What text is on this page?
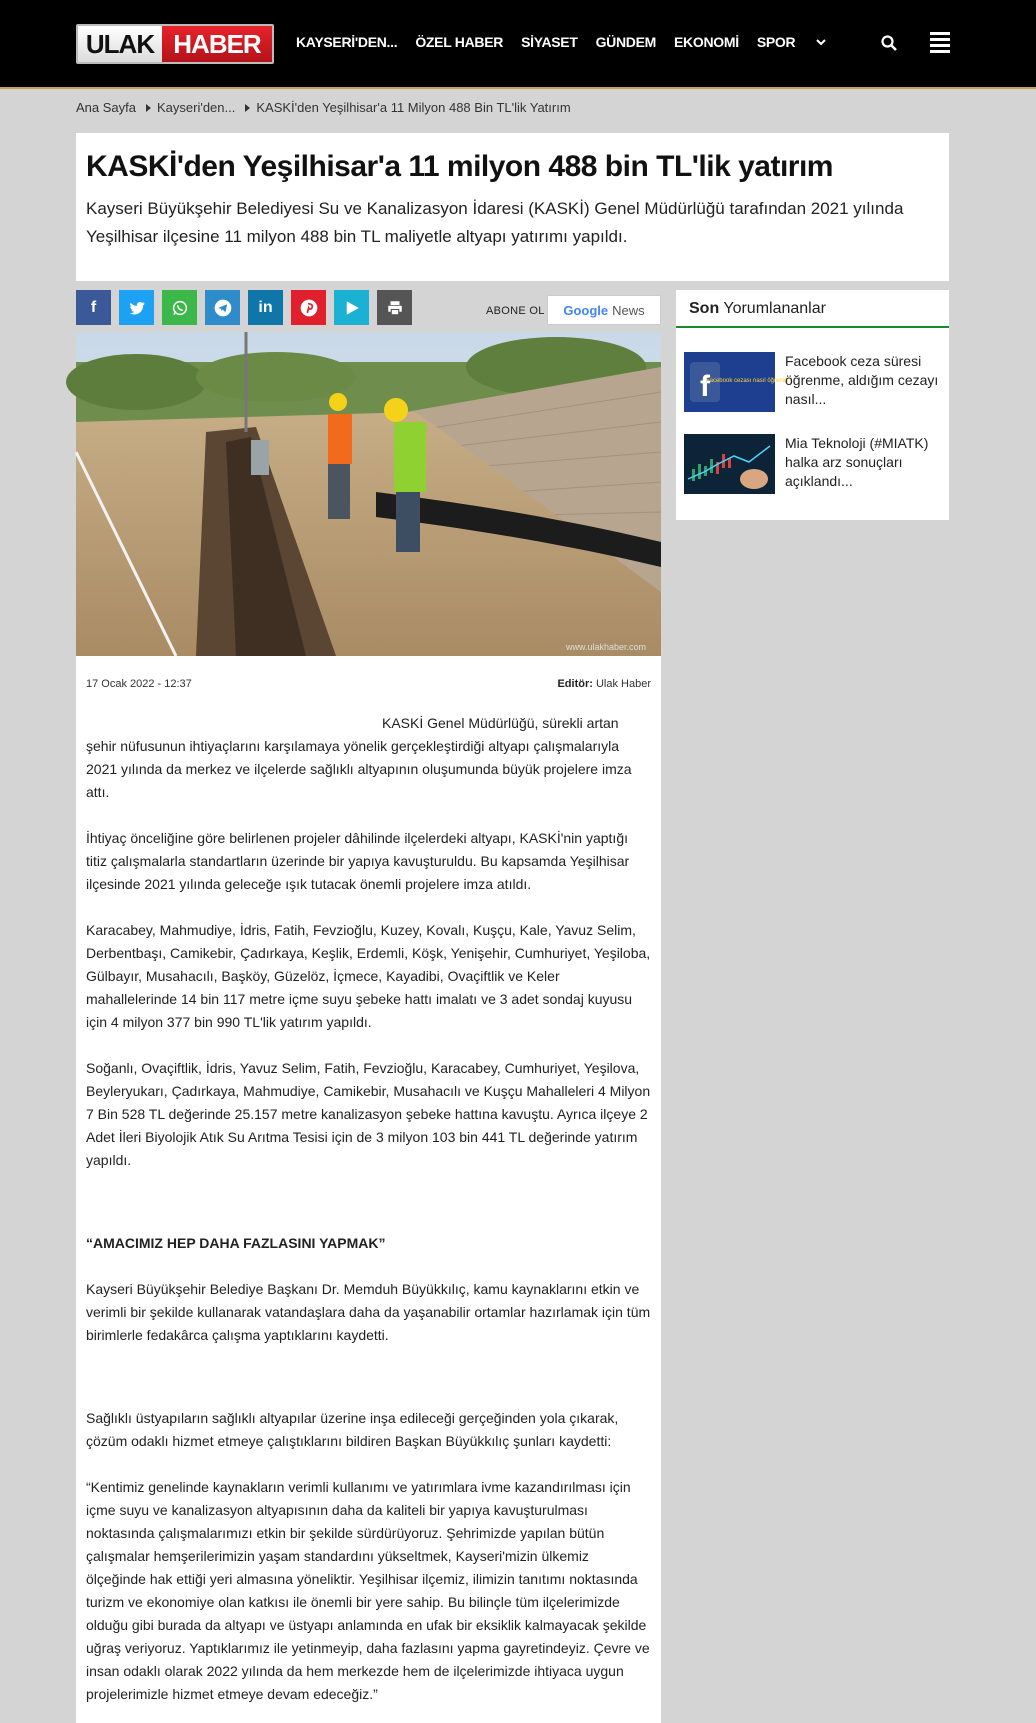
ULAK HABER	KAYSERİ'DEN... ÖZEL HABER SİYASET GÜNDEM EKONOMİ SPOR
Ana Sayfa Kayseri'den... KASKİ'den Yeşilhisar'a 11 Milyon 488 Bin TL'lik Yatırım
KASKİ'den Yeşilhisar'a 11 milyon 488 bin TL'lik yatırım

Kayseri Büyükşehir Belediyesi Su ve Kanalizasyon İdaresi (KASKİ) Genel Müdürlüğü tarafından 2021 yılında Yeşilhisar ilçesine 11 milyon 488 bin TL maliyetle altyapı yatırımı yapıldı.

f	in	ABONE OL Google News
www.ulakhaber.com
17 Ocak 2022 - 12:37	Editör: Ulak Haber

KASKİ Genel Müdürlüğü, sürekli artan şehir nüfusunun ihtiyaçlarını karşılamaya yönelik gerçekleştirdiği altyapı çalışmalarıyla 2021 yılında da merkez ve ilçelerde sağlıklı altyapının oluşumunda büyük projelere imza attı.

İhtiyaç önceliğine göre belirlenen projeler dâhilinde ilçelerdeki altyapı, KASKİ'nin yaptığı titiz çalışmalarla standartların üzerinde bir yapıya kavuşturuldu. Bu kapsamda Yeşilhisar ilçesinde 2021 yılında geleceğe ışık tutacak önemli projelere imza atıldı.

Karacabey, Mahmudiye, İdris, Fatih, Fevzioğlu, Kuzey, Kovalı, Kuşçu, Kale, Yavuz Selim, Derbentbaşı, Camikebir, Çadırkaya, Keşlik, Erdemli, Köşk, Yenişehir, Cumhuriyet, Yeşiloba, Gülbayır, Musahacılı, Başköy, Güzelöz, İçmece, Kayadibi, Ovaçiftlik ve Keler mahallelerinde 14 bin 117 metre içme suyu şebeke hattı imalatı ve 3 adet sondaj kuyusu için 4 milyon 377 bin 990 TL'lik yatırım yapıldı.

Soğanlı, Ovaçiftlik, İdris, Yavuz Selim, Fatih, Fevzioğlu, Karacabey, Cumhuriyet, Yeşilova, Beyleryukarı, Çadırkaya, Mahmudiye, Camikebir, Musahacılı ve Kuşçu Mahalleleri 4 Milyon 7 Bin 528 TL değerinde 25.157 metre kanalizasyon şebeke hattına kavuştu. Ayrıca ilçeye 2 Adet İleri Biyolojik Atık Su Arıtma Tesisi için de 3 milyon 103 bin 441 TL değerinde yatırım yapıldı.

“AMACIMIZ HEP DAHA FAZLASINI YAPMAK”

Kayseri Büyükşehir Belediye Başkanı Dr. Memduh Büyükkılıç, kamu kaynaklarını etkin ve verimli bir şekilde kullanarak vatandaşlara daha da yaşanabilir ortamlar hazırlamak için tüm birimlerle fedakârca çalışma yaptıklarını kaydetti.

Sağlıklı üstyapıların sağlıklı altyapılar üzerine inşa edileceği gerçeğinden yola çıkarak, çözüm odaklı hizmet etmeye çalıştıklarını bildiren Başkan Büyükkılıç şunları kaydetti:

“Kentimiz genelinde kaynakların verimli kullanımı ve yatırımlara ivme kazandırılması için içme suyu ve kanalizasyon altyapısının daha da kaliteli bir yapıya kavuşturulması noktasında çalışmalarımızı etkin bir şekilde sürdürüyoruz. Şehrimizde yapılan bütün çalışmalar hemşerilerimizin yaşam standardını yükseltmek, Kayseri'mizin ülkemiz ölçeğinde hak ettiği yeri almasına yöneliktir. Yeşilhisar ilçemiz, ilimizin tanıtımı noktasında turizm ve ekonomiye olan katkısı ile önemli bir yere sahip. Bu bilinçle tüm ilçelerimizde olduğu gibi burada da altyapı ve üstyapı anlamında en ufak bir eksiklik kalmayacak şekilde uğraş veriyoruz. Yaptıklarımız ile yetinmeyip, daha fazlasını yapma gayretindeyiz. Çevre ve insan odaklı olarak 2022 yılında da hem merkezde hem de ilçelerimizde ihtiyaca uygun projelerimizle hizmet etmeye devam edeceğiz.”

Son Yorumlananlar
f
Facebook cezası nasıl öğrenilir?
Facebook ceza süresi öğrenme, aldığım cezayı nasıl...
Mia Teknoloji (#MIATK) halka arz sonuçları açıklandı...
